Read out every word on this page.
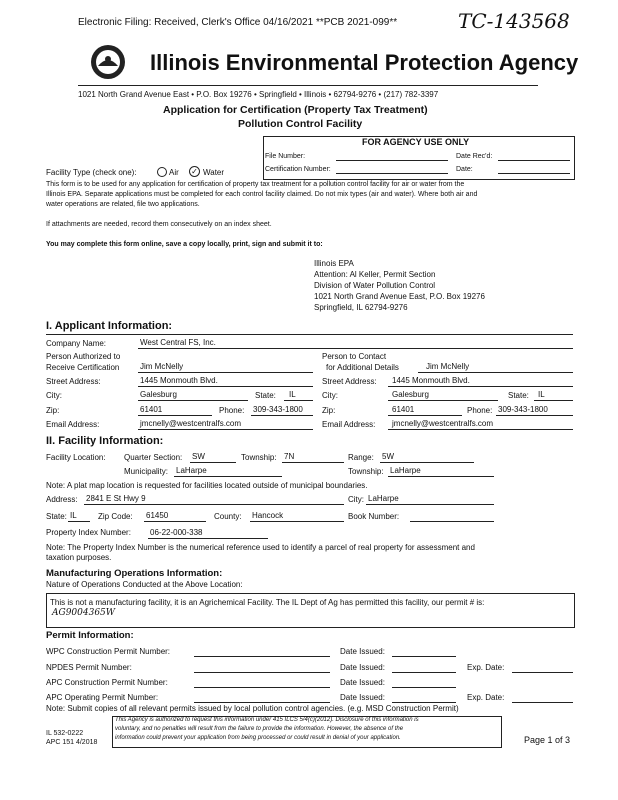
Electronic Filing: Received, Clerk's Office 04/16/2021 **PCB 2021-099**	TC-143568
Illinois Environmental Protection Agency
1021 North Grand Avenue East • P.O. Box 19276 • Springfield • Illinois • 62794-9276 • (217) 782-3397
Application for Certification (Property Tax Treatment)
Pollution Control Facility
FOR AGENCY USE ONLY
File Number:	Date Rec'd:
Certification Number:	Date:
Facility Type (check one):	Air ✓ Water
This form is to be used for any application for certification of property tax treatment for a pollution control facility for air or water from the
Illinois EPA. Separate applications must be completed for each control facility claimed. Do not mix types (air and water). Where both air and
water operations are related, file two applications.
If attachments are needed, record them consecutively on an index sheet.
You may complete this form online, save a copy locally, print, sign and submit it to:
Illinois EPA
Attention: Al Keller, Permit Section
Division of Water Pollution Control
1021 North Grand Avenue East, P.O. Box 19276
Springfield, IL 62794-9276
I. Applicant Information:
Company Name:	West Central FS, Inc.
Person Authorized to
Receive Certification	Jim McNelly
Person to Contact
for Additional Details	Jim McNelly
Street Address:	1445 Monmouth Blvd.	Street Address: 1445 Monmouth Blvd.
City:	Galesburg	State: IL	City:	Galesburg	State: IL
Zip:	61401	Phone: 309-343-1800 Zip:	61401	Phone: 309-343-1800
Email Address:	jmcnelly@westcentralfs.com	Email Address: jmcnelly@westcentralfs.com
II. Facility Information:
Facility Location: Quarter Section: SW	Township: 7N	Range: 5W
Municipality: LaHarpe	Township: LaHarpe
Note: A plat map location is requested for facilities located outside of municipal boundaries.
Address: 2841 E St Hwy 9	City: LaHarpe
State: IL	Zip Code: 61450	County: Hancock	Book Number:
Property Index Number: 06-22-000-338
Note: The Property Index Number is the numerical reference used to identify a parcel of real property for assessment and
taxation purposes.
Manufacturing Operations Information:
Nature of Operations Conducted at the Above Location:
This is not a manufacturing facility, it is an Agrichemical Facility. The IL Dept of Ag has permitted this facility, our permit # is:
AG9004365W
Permit Information:
WPC Construction Permit Number:	Date Issued:
NPDES Permit Number:	Date Issued:	Exp. Date:
APC Construction Permit Number:	Date Issued:
APC Operating Permit Number:	Date Issued:	Exp. Date:
Note: Submit copies of all relevant permits issued by local pollution control agencies. (e.g. MSD Construction Permit)
IL 532-0222
APC 151 4/2018
This Agency is authorized to request this information under 415 ILCS 5/4(c)(2012). Disclosure of this information is
voluntary, and no penalties will result from the failure to provide the information. However, the absence of the
information could prevent your application from being processed or could result in denial of your application.	Page 1 of 3
